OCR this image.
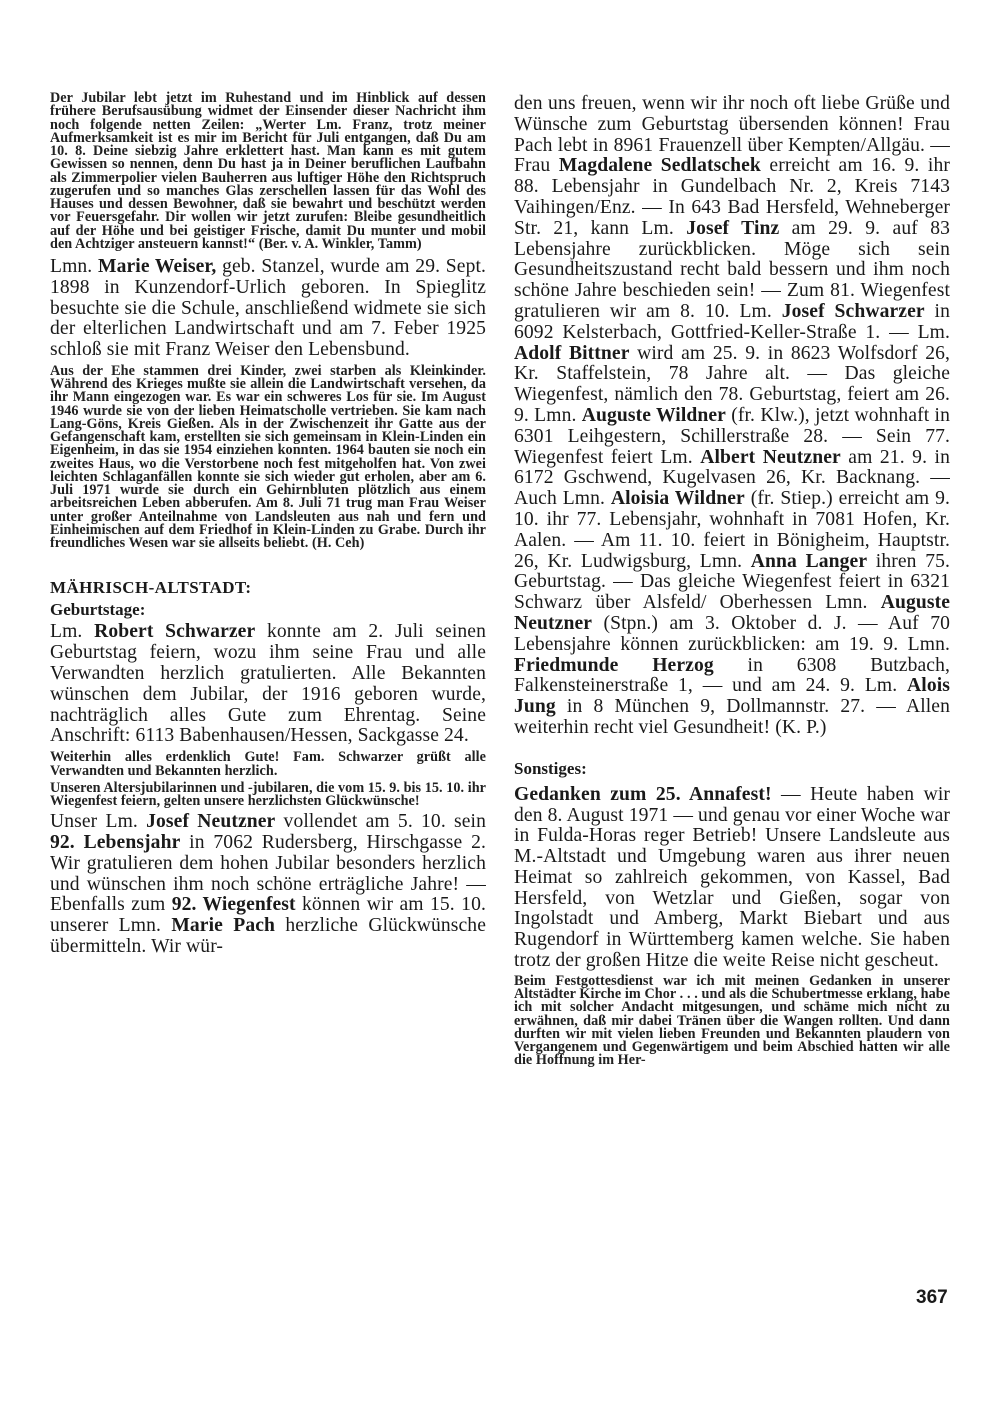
Der Jubilar lebt jetzt im Ruhestand und im Hinblick auf dessen frühere Berufsausübung widmet der Einsender dieser Nachricht ihm noch folgende netten Zeilen: „Werter Lm. Franz, trotz meiner Aufmerksamkeit ist es mir im Bericht für Juli entgangen, daß Du am 10. 8. Deine siebzig Jahre erklettert hast. Man kann es mit gutem Gewissen so nennen, denn Du hast ja in Deiner beruflichen Laufbahn als Zimmerpolier vielen Bauherren aus luftiger Höhe den Richtspruch zugerufen und so manches Glas zerschellen lassen für das Wohl des Hauses und dessen Bewohner, daß sie bewahrt und beschützt werden vor Feuersgefahr. Dir wollen wir jetzt zurufen: Bleibe gesundheitlich auf der Höhe und bei geistiger Frische, damit Du munter und mobil den Achtziger ansteuern kannst!“ (Ber. v. A. Winkler, Tamm)

Lmn. Marie Weiser, geb. Stanzel, wurde am 29. Sept. 1898 in Kunzendorf-Urlich geboren. In Spieglitz besuchte sie die Schule, anschließend widmete sie sich der elterlichen Landwirtschaft und am 7. Feber 1925 schloß sie mit Franz Weiser den Lebensbund.

Aus der Ehe stammen drei Kinder, zwei starben als Kleinkinder. Während des Krieges mußte sie allein die Landwirtschaft versehen, da ihr Mann eingezogen war. Es war ein schweres Los für sie. Im August 1946 wurde sie von der lieben Heimatscholle vertrieben. Sie kam nach Lang-Göns, Kreis Gießen. Als in der Zwischenzeit ihr Gatte aus der Gefangenschaft kam, erstellten sie sich gemeinsam in Klein-Linden ein Eigenheim, in das sie 1954 einziehen konnten. 1964 bauten sie noch ein zweites Haus, wo die Verstorbene noch fest mitgeholfen hat. Von zwei leichten Schlaganfällen konnte sie sich wieder gut erholen, aber am 6. Juli 1971 wurde sie durch ein Gehirnbluten plötzlich aus einem arbeitsreichen Leben abberufen. Am 8. Juli 71 trug man Frau Weiser unter großer Anteilnahme von Landsleuten aus nah und fern und Einheimischen auf dem Friedhof in Klein-Linden zu Grabe. Durch ihr freundliches Wesen war sie allseits beliebt. (H. Ceh)

MÄHRISCH-ALTSTADT:
Geburtstage:

Lm. Robert Schwarzer konnte am 2. Juli seinen Geburtstag feiern, wozu ihm seine Frau und alle Verwandten herzlich gratulierten. Alle Bekannten wünschen dem Jubilar, der 1916 geboren wurde, nachträglich alles Gute zum Ehrentag. Seine Anschrift: 6113 Babenhausen/Hessen, Sackgasse 24.

Weiterhin alles erdenklich Gute! Fam. Schwarzer grüßt alle Verwandten und Bekannten herzlich.

Unseren Altersjubilarinnen und -jubilaren, die vom 15. 9. bis 15. 10. ihr Wiegenfest feiern, gelten unsere herzlichsten Glückwünsche!

Unser Lm. Josef Neutzner vollendet am 5. 10. sein 92. Lebensjahr in 7062 Rudersberg, Hirschgasse 2. Wir gratulieren dem hohen Jubilar besonders herzlich und wünschen ihm noch schöne erträgliche Jahre! — Ebenfalls zum 92. Wiegenfest können wir am 15. 10. unserer Lmn. Marie Pach herzliche Glückwünsche übermitteln. Wir wür-

den uns freuen, wenn wir ihr noch oft liebe Grüße und Wünsche zum Geburtstag übersenden können! Frau Pach lebt in 8961 Frauenzell über Kempten/Allgäu. — Frau Magdalene Sedlatschek erreicht am 16. 9. ihr 88. Lebensjahr in Gundelbach Nr. 2, Kreis 7143 Vaihingen/Enz. — In 643 Bad Hersfeld, Wehneberger Str. 21, kann Lm. Josef Tinz am 29. 9. auf 83 Lebensjahre zurückblicken. Möge sich sein Gesundheitszustand recht bald bessern und ihm noch schöne Jahre beschieden sein! — Zum 81. Wiegenfest gratulieren wir am 8. 10. Lm. Josef Schwarzer in 6092 Kelsterbach, Gottfried-Keller-Straße 1. — Lm. Adolf Bittner wird am 25. 9. in 8623 Wolfsdorf 26, Kr. Staffelstein, 78 Jahre alt. — Das gleiche Wiegenfest, nämlich den 78. Geburtstag, feiert am 26. 9. Lmn. Auguste Wildner (fr. Klw.), jetzt wohnhaft in 6301 Leihgestern, Schillerstraße 28. — Sein 77. Wiegenfest feiert Lm. Albert Neutzner am 21. 9. in 6172 Gschwend, Kugelvasen 26, Kr. Backnang. — Auch Lmn. Aloisia Wildner (fr. Stiep.) erreicht am 9. 10. ihr 77. Lebensjahr, wohnhaft in 7081 Hofen, Kr. Aalen. — Am 11. 10. feiert in Bönigheim, Hauptstr. 26, Kr. Ludwigsburg, Lmn. Anna Langer ihren 75. Geburtstag. — Das gleiche Wiegenfest feiert in 6321 Schwarz über Alsfeld/ Oberhessen Lmn. Auguste Neutzner (Stpn.) am 3. Oktober d. J. — Auf 70 Lebensjahre können zurückblicken: am 19. 9. Lmn. Friedmunde Herzog in 6308 Butzbach, Falkensteinerstraße 1, — und am 24. 9. Lm. Alois Jung in 8 München 9, Dollmannstr. 27. — Allen weiterhin recht viel Gesundheit! (K. P.)

Sonstiges:

Gedanken zum 25. Annafest! — Heute haben wir den 8. August 1971 — und genau vor einer Woche war in Fulda-Horas reger Betrieb! Unsere Landsleute aus M.-Altstadt und Umgebung waren aus ihrer neuen Heimat so zahlreich gekommen, von Kassel, Bad Hersfeld, von Wetzlar und Gießen, sogar von Ingolstadt und Amberg, Markt Biebart und aus Rugendorf in Württemberg kamen welche. Sie haben trotz der großen Hitze die weite Reise nicht gescheut.

Beim Festgottesdienst war ich mit meinen Gedanken in unserer Altstädter Kirche im Chor . . . und als die Schubertmesse erklang, habe ich mit solcher Andacht mitgesungen, und schäme mich nicht zu erwähnen, daß mir dabei Tränen über die Wangen rollten. Und dann durften wir mit vielen lieben Freunden und Bekannten plaudern von Vergangenem und Gegenwärtigem und beim Abschied hatten wir alle die Hoffnung im Her-

367
